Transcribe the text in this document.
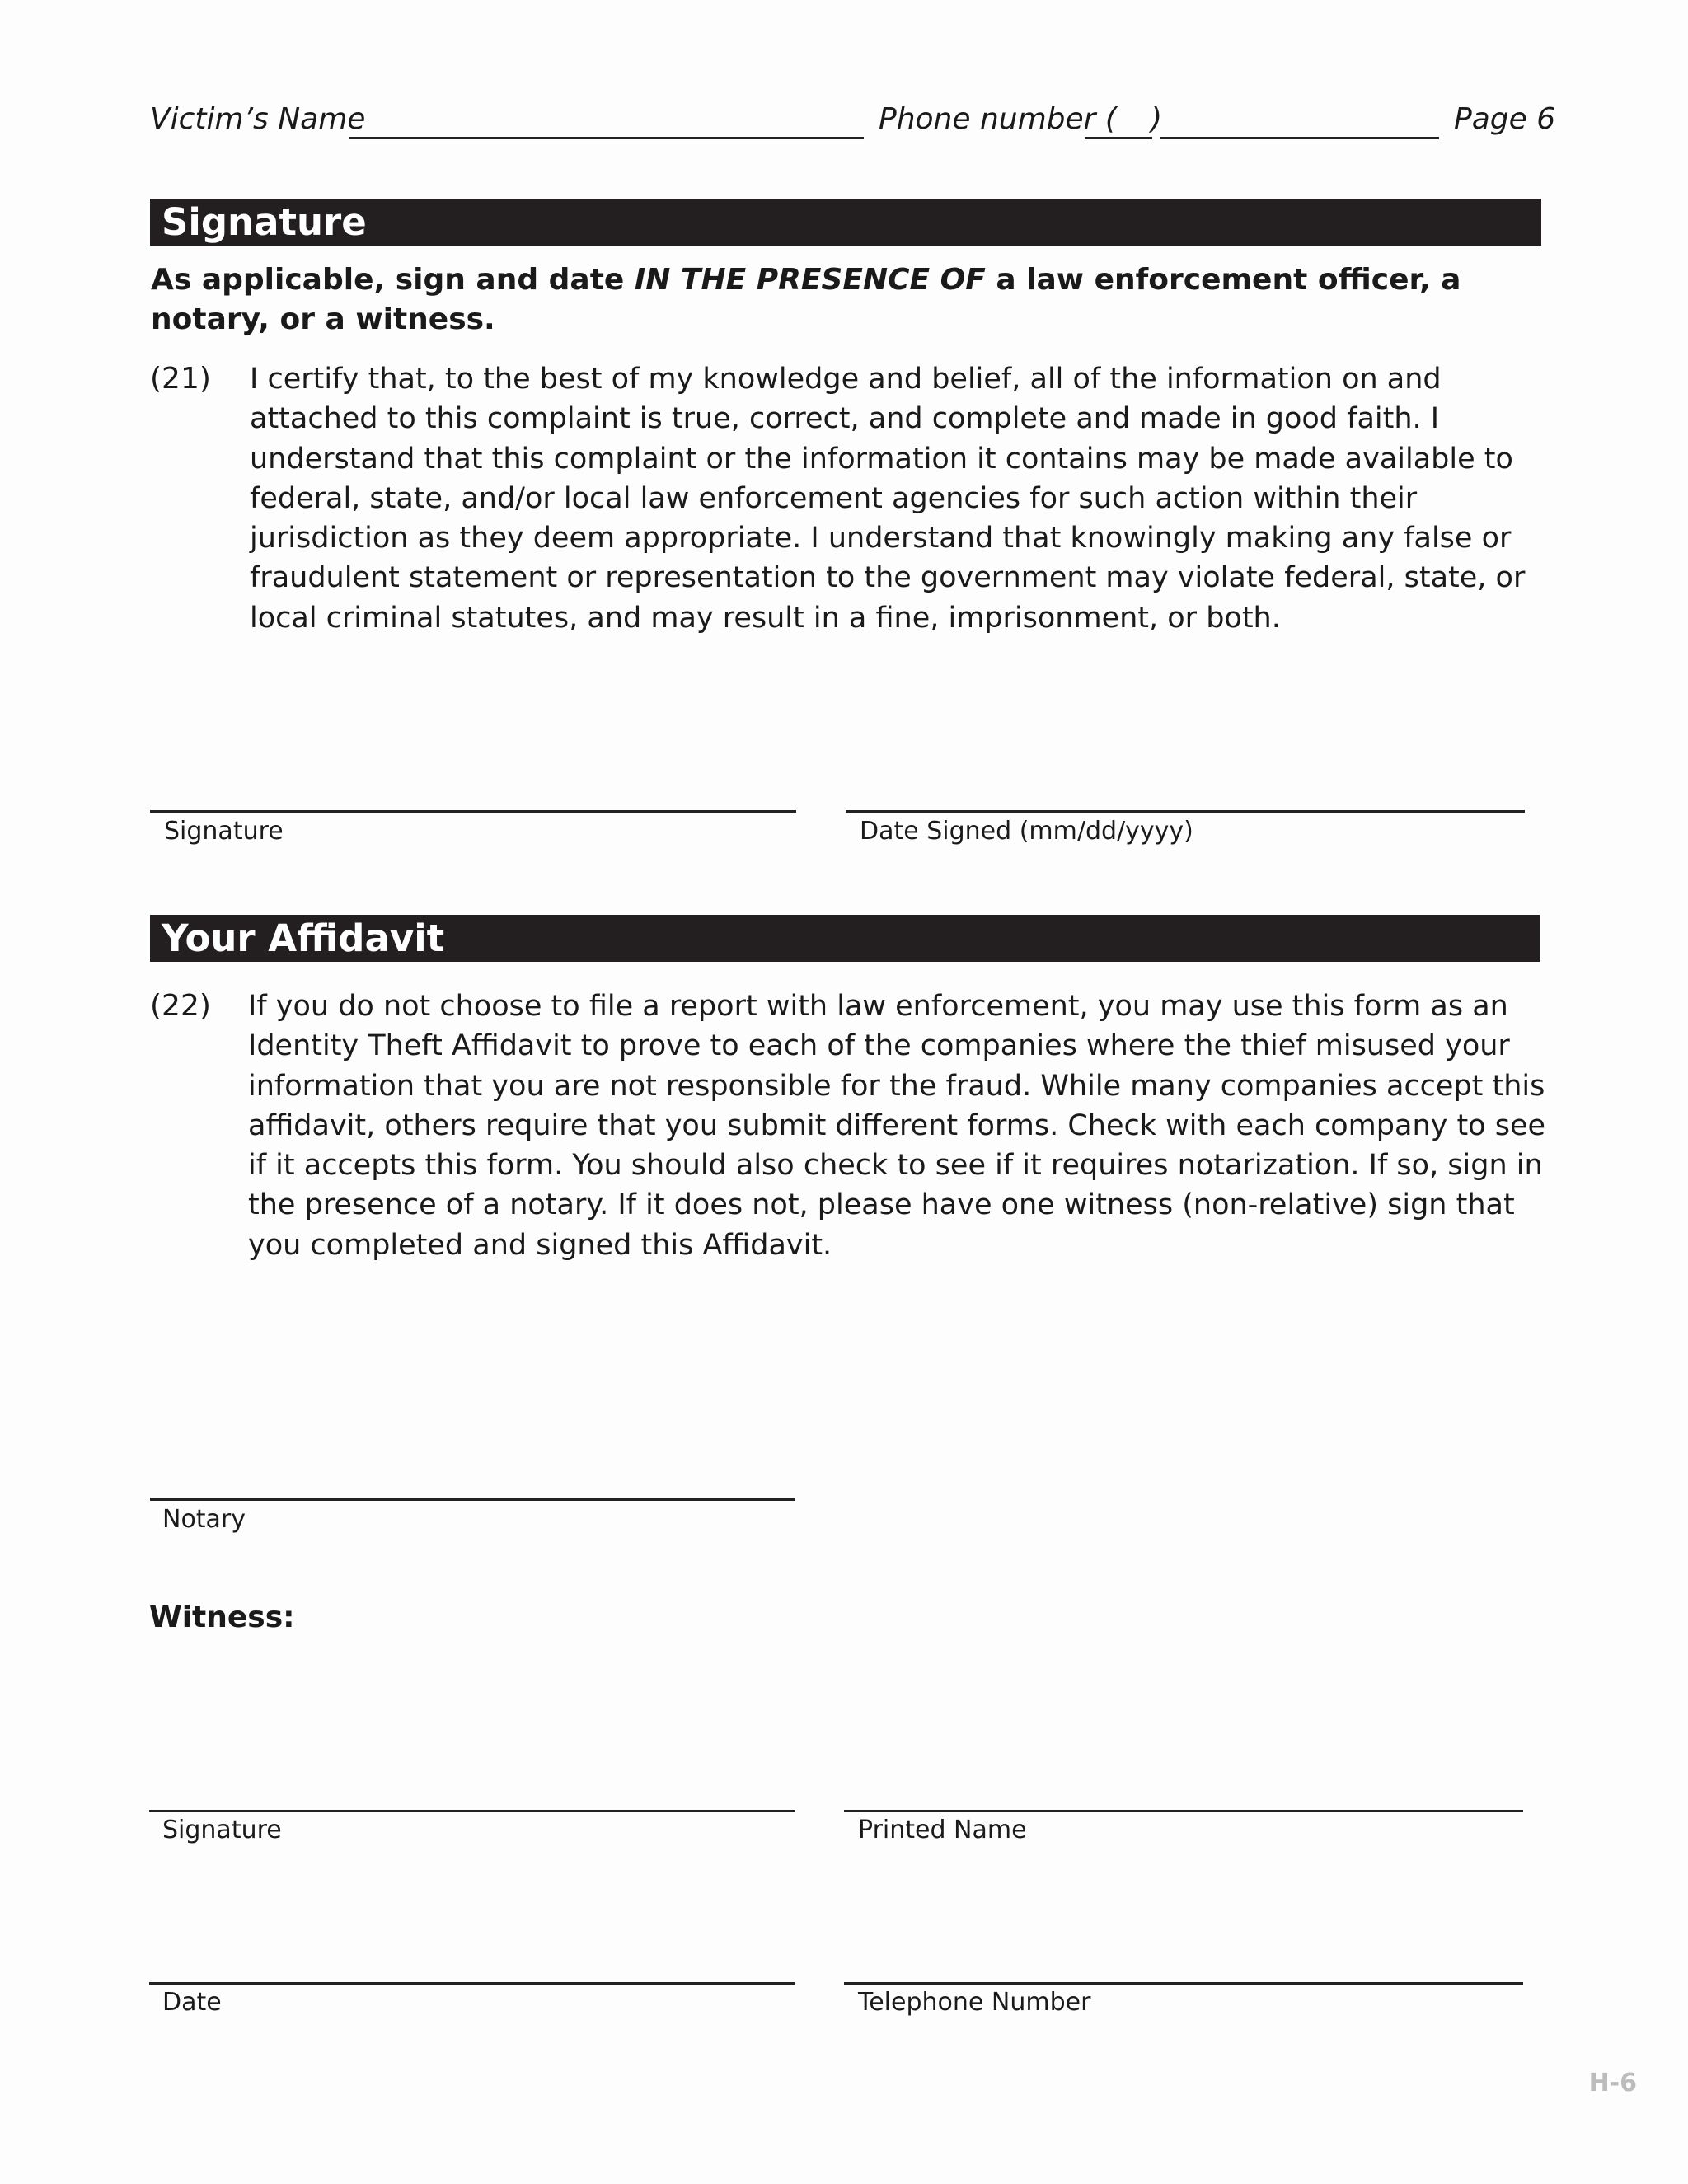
Victim’s Name	Phone number ( )	Page 6
Signature
As applicable, sign and date IN THE PRESENCE OF a law enforcement officer, a notary, or a witness.
(21) I certify that, to the best of my knowledge and belief, all of the information on and attached to this complaint is true, correct, and complete and made in good faith. I understand that this complaint or the information it contains may be made available to federal, state, and/or local law enforcement agencies for such action within their jurisdiction as they deem appropriate. I understand that knowingly making any false or fraudulent statement or representation to the government may violate federal, state, or local criminal statutes, and may result in a fine, imprisonment, or both.
Signature	Date Signed (mm/dd/yyyy)
Your Affidavit
(22) If you do not choose to file a report with law enforcement, you may use this form as an Identity Theft Affidavit to prove to each of the companies where the thief misused your information that you are not responsible for the fraud. While many companies accept this affidavit, others require that you submit different forms. Check with each company to see if it accepts this form. You should also check to see if it requires notarization. If so, sign in the presence of a notary. If it does not, please have one witness (non-relative) sign that you completed and signed this Affidavit.
Notary
Witness:
Signature	Printed Name
Date	Telephone Number
H-6
